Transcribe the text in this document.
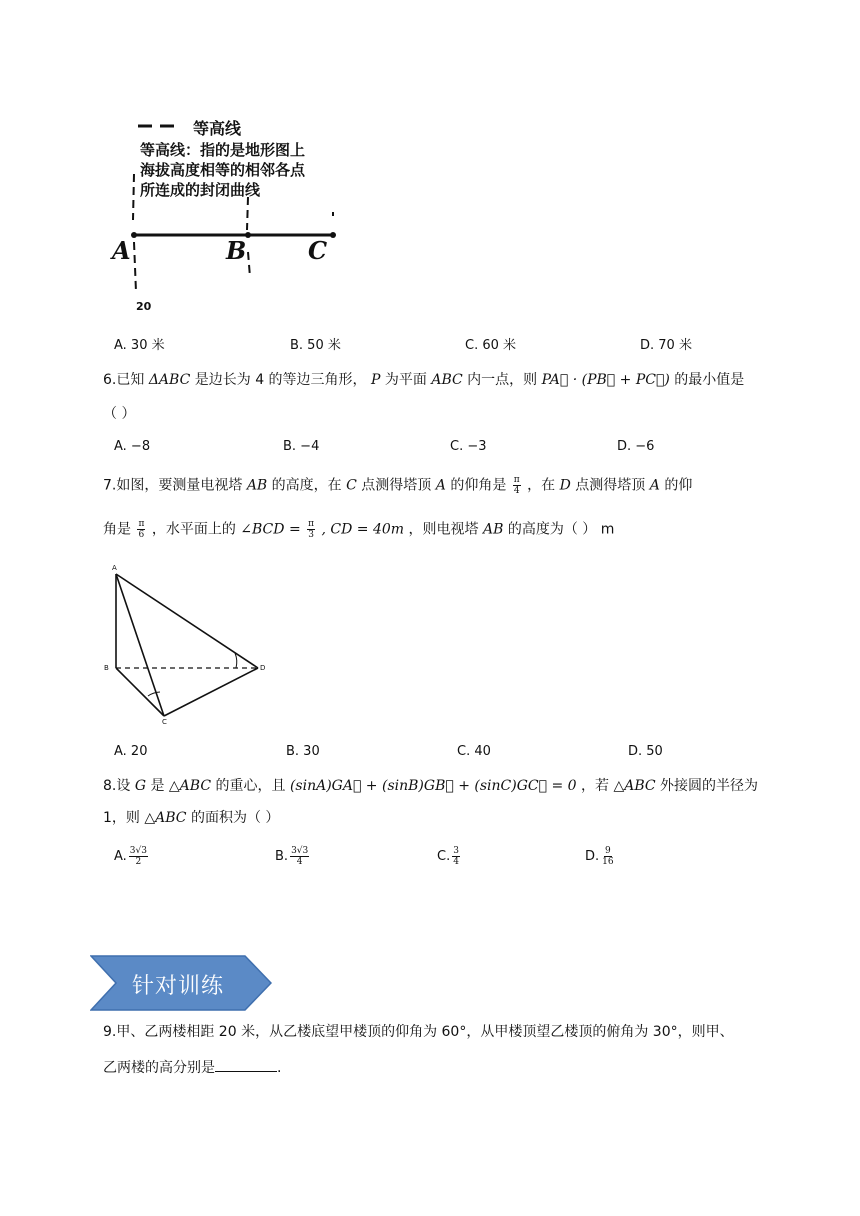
等高线
等高线：指的是地形图上
海拔高度相等的相邻各点
所连成的封闭曲线
A	B	C
20
A. 30 米	B. 50 米	C. 60 米	D. 70 米
6.已知 ΔABC 是边长为 4 的等边三角形， P 为平面 ABC 内一点，则 PA⃗ · (PB⃗ + PC⃗) 的最小值是
（ ）
A. −8	B. −4	C. −3	D. −6
7.如图，要测量电视塔 AB 的高度，在 C 点测得塔顶 A 的仰角是 $\frac{\pi}{4}$ ，在 D 点测得塔顶 A 的仰
角是 $\frac{\pi}{6}$ ，水平面上的 ∠BCD = $\frac{\pi}{3}$ , CD = 40m ，则电视塔 AB 的高度为（ ） m
A
B
C
D
A. 20	B. 30	C. 40	D. 50
8.设 G 是 △ABC 的重心，且 (sinA)GA⃗ + (sinB)GB⃗ + (sinC)GC⃗ = 0 ，若 △ABC 外接圆的半径为
1，则 △ABC 的面积为（ ）
A. $\frac{3√3}{2}$	B. $\frac{3√3}{4}$	C. $\frac{3}{4}$	D. $\frac{9}{16}$
针对训练
9.甲、乙两楼相距 20 米，从乙楼底望甲楼顶的仰角为 60°，从甲楼顶望乙楼顶的俯角为 30°，则甲、
乙两楼的高分别是	.
